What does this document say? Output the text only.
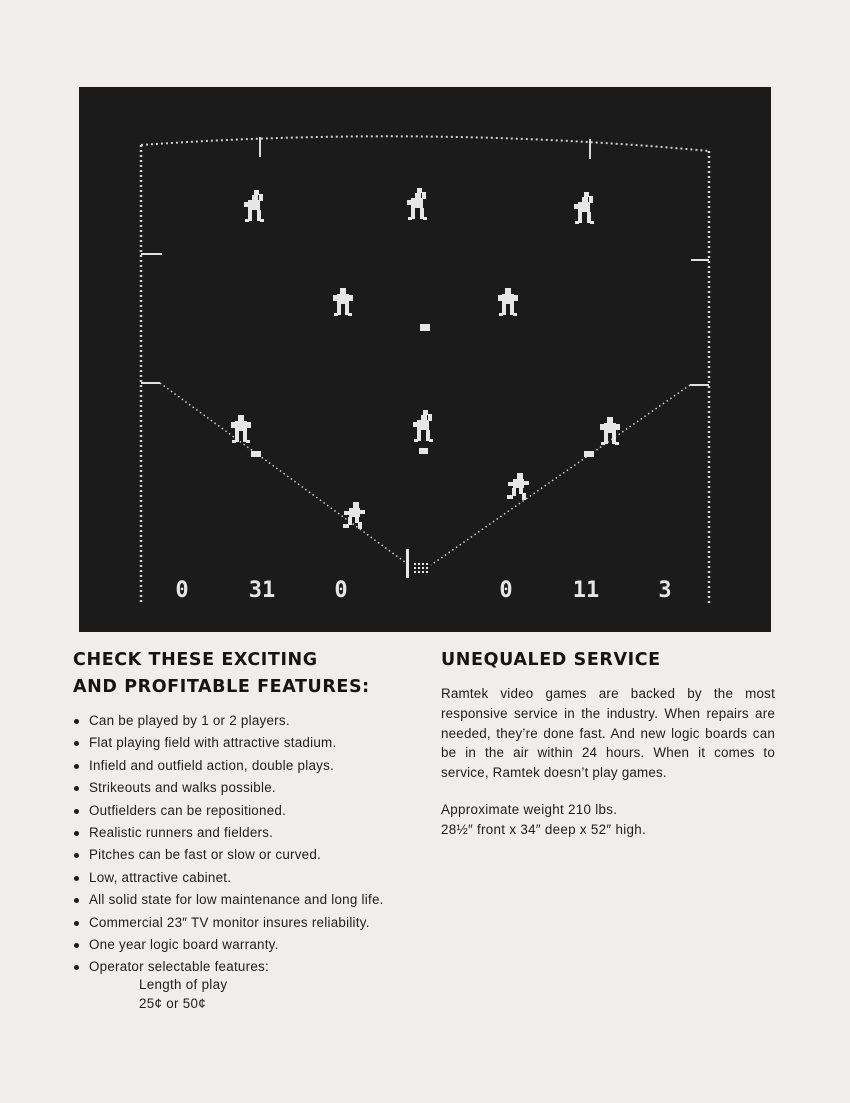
0	31	0	0	11	3
CHECK THESE EXCITING
AND PROFITABLE FEATURES:
Can be played by 1 or 2 players.
Flat playing field with attractive stadium.
Infield and outfield action, double plays.
Strikeouts and walks possible.
Outfielders can be repositioned.
Realistic runners and fielders.
Pitches can be fast or slow or curved.
Low, attractive cabinet.
All solid state for low maintenance and long life.
Commercial 23″ TV monitor insures reliability.
One year logic board warranty.
Operator selectable features:
Length of play
25¢ or 50¢
UNEQUALED SERVICE

Ramtek video games are backed by the most responsive service in the industry. When repairs are needed, they’re done fast. And new logic boards can be in the air within 24 hours. When it comes to service, Ramtek doesn’t play games.

Approximate weight 210 lbs.
28½″ front x 34″ deep x 52″ high.
